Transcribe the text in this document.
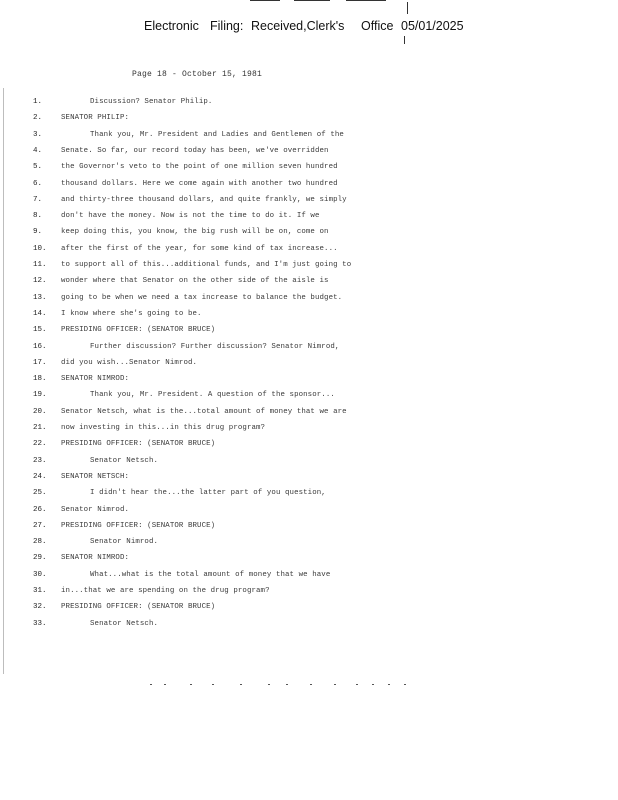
Electronic Filing: Received,Clerk's Office 05/01/2025
Page 18 - October 15, 1981
1.	Discussion? Senator Philip.
2.	SENATOR PHILIP:
3.	Thank you, Mr. President and Ladies and Gentlemen of the
4.	Senate. So far, our record today has been, we've overridden
5.	the Governor's veto to the point of one million seven hundred
6.	thousand dollars. Here we come again with another two hundred
7.	and thirty-three thousand dollars, and quite frankly, we simply
8.	don't have the money. Now is not the time to do it. If we
9.	keep doing this, you know, the big rush will be on, come on
10.	after the first of the year, for some kind of tax increase...
11.	to support all of this...additional funds, and I'm just going to
12.	wonder where that Senator on the other side of the aisle is
13.	going to be when we need a tax increase to balance the budget.
14.	I know where she's going to be.
15.	PRESIDING OFFICER: (SENATOR BRUCE)
16.	Further discussion? Further discussion? Senator Nimrod,
17.	did you wish...Senator Nimrod.
18.	SENATOR NIMROD:
19.	Thank you, Mr. President. A question of the sponsor...
20.	Senator Netsch, what is the...total amount of money that we are
21.	now investing in this...in this drug program?
22.	PRESIDING OFFICER: (SENATOR BRUCE)
23.	Senator Netsch.
24.	SENATOR NETSCH:
25.	I didn't hear the...the latter part of you question,
26.	Senator Nimrod.
27.	PRESIDING OFFICER: (SENATOR BRUCE)
28.	Senator Nimrod.
29.	SENATOR NIMROD:
30.	What...what is the total amount of money that we have
31.	in...that we are spending on the drug program?
32.	PRESIDING OFFICER: (SENATOR BRUCE)
33.	Senator Netsch.
